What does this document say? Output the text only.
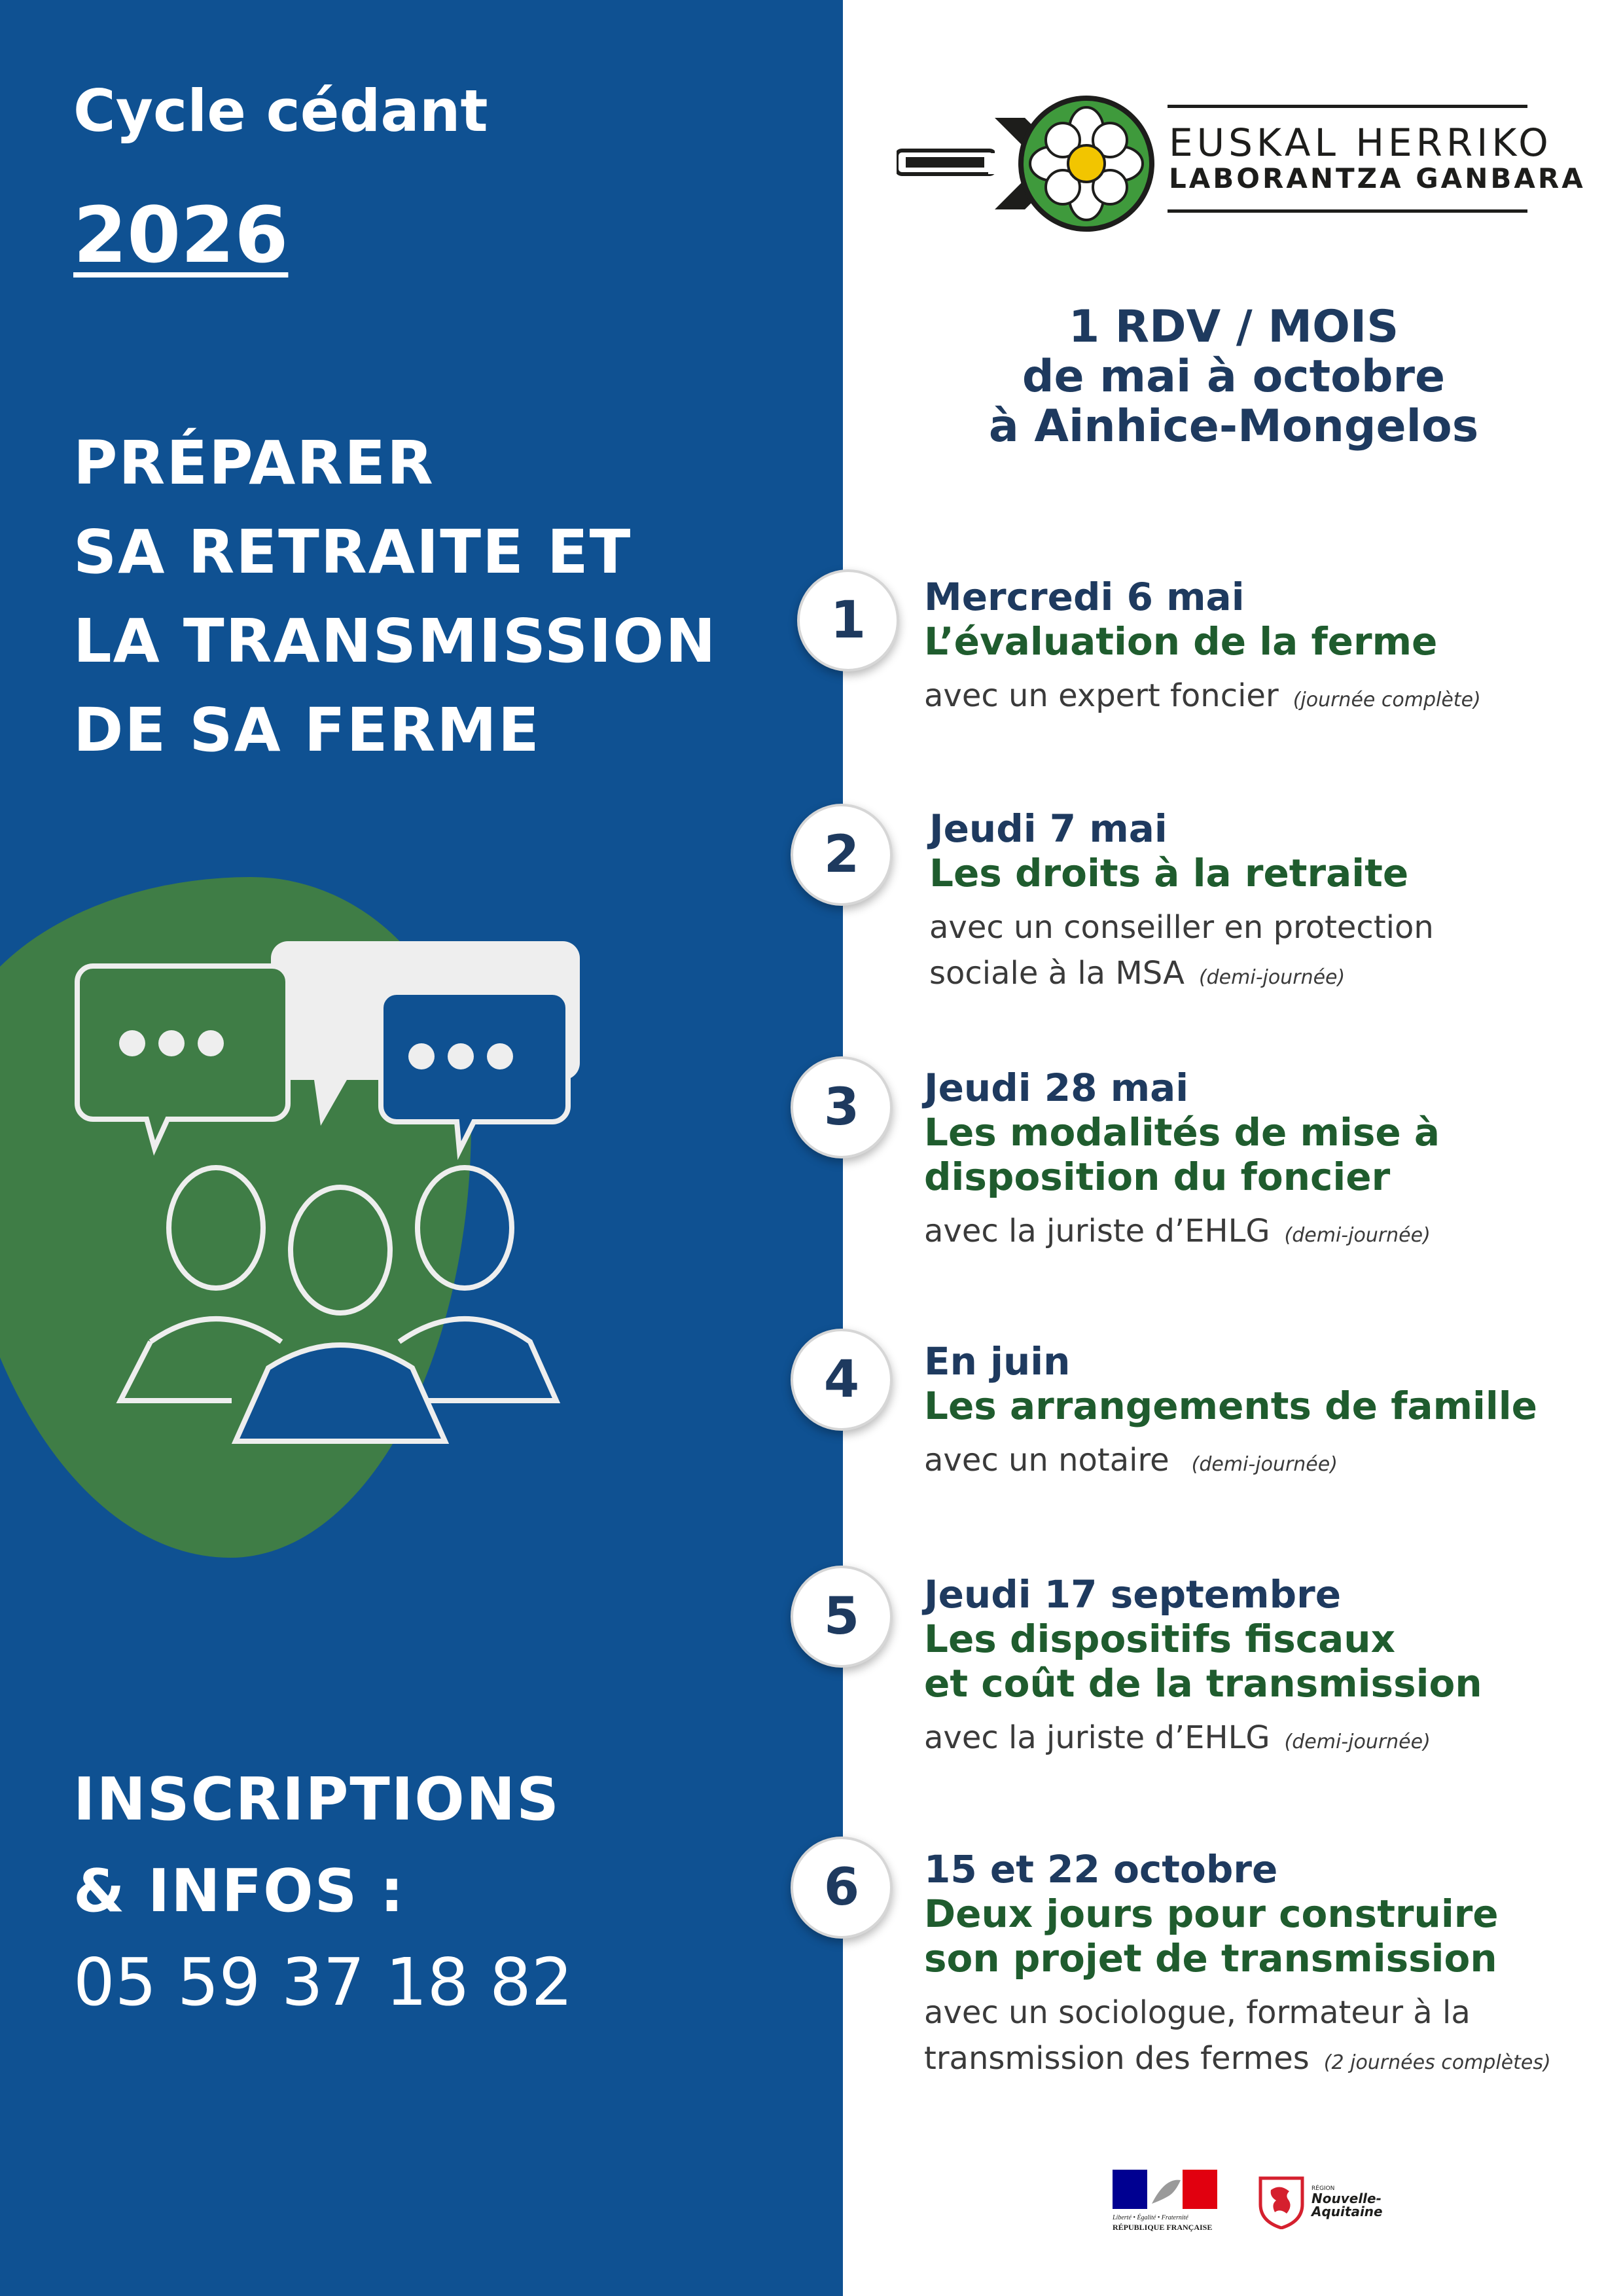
Cycle cédant
2026
PRÉPARER
SA RETRAITE ET
LA TRANSMISSION
DE SA FERME
INSCRIPTIONS
& INFOS :
05 59 37 18 82
EUSKAL HERRIKO
LABORANTZA GANBARA
1 RDV / MOIS
de mai à octobre
à Ainhice-Mongelos
1	Mercredi 6 mai
L’évaluation de la ferme
avec un expert foncier (journée complète)
2	Jeudi 7 mai
Les droits à la retraite
avec un conseiller en protection
sociale à la MSA (demi-journée)
3	Jeudi 28 mai
Les modalités de mise à
disposition du foncier
avec la juriste d’EHLG (demi-journée)
4	En juin
Les arrangements de famille
avec un notaire (demi-journée)
5	Jeudi 17 septembre
Les dispositifs fiscaux
et coût de la transmission
avec la juriste d’EHLG (demi-journée)
6	15 et 22 octobre
Deux jours pour construire
son projet de transmission
avec un sociologue, formateur à la
transmission des fermes (2 journées complètes)
Liberté • Égalité • Fraternité
RÉPUBLIQUE FRANÇAISE
RÉGION
Nouvelle-
Aquitaine
